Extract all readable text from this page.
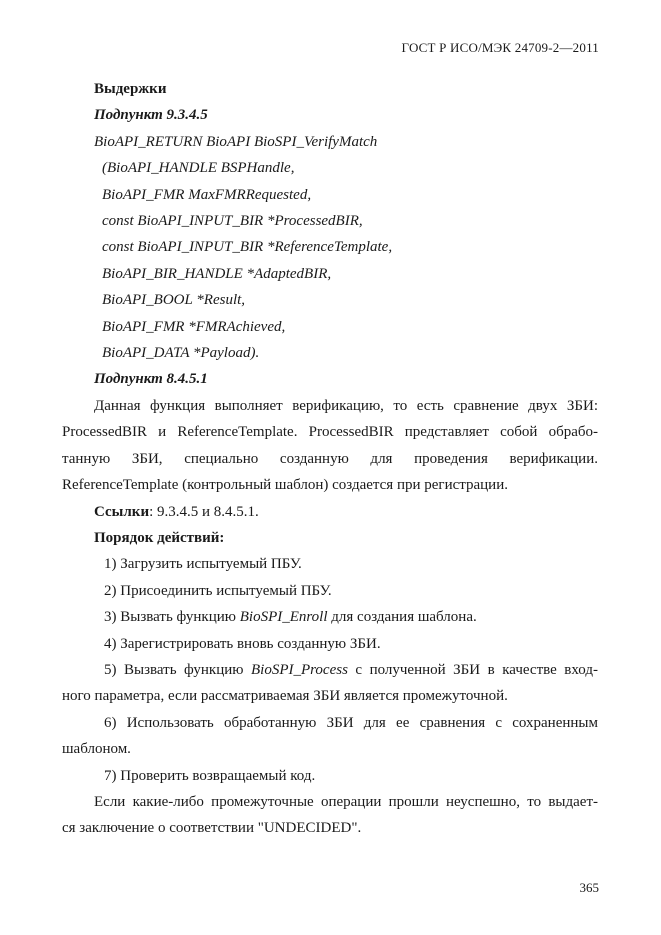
ГОСТ Р ИСО/МЭК 24709-2—2011

Выдержки

Подпункт 9.3.4.5

BioAPI_RETURN BioAPI BioSPI_VerifyMatch

(BioAPI_HANDLE BSPHandle,

BioAPI_FMR MaxFMRRequested,

const BioAPI_INPUT_BIR *ProcessedBIR,

const BioAPI_INPUT_BIR *ReferenceTemplate,

BioAPI_BIR_HANDLE *AdaptedBIR,

BioAPI_BOOL *Result,

BioAPI_FMR *FMRAchieved,

BioAPI_DATA *Payload).

Подпункт 8.4.5.1

Данная функция выполняет верификацию, то есть сравнение двух ЗБИ:
ProcessedBIR и ReferenceTemplate. ProcessedBIR представляет собой обрабо-
танную ЗБИ, специально созданную для проведения верификации.
ReferenceTemplate (контрольный шаблон) создается при регистрации.

Ссылки: 9.3.4.5 и 8.4.5.1.

Порядок действий:

1) Загрузить испытуемый ПБУ.

2) Присоединить испытуемый ПБУ.

3) Вызвать функцию BioSPI_Enroll для создания шаблона.

4) Зарегистрировать вновь созданную ЗБИ.

5) Вызвать функцию BioSPI_Process с полученной ЗБИ в качестве вход-
ного параметра, если рассматриваемая ЗБИ является промежуточной.
6) Использовать обработанную ЗБИ для ее сравнения с сохраненным
шаблоном.

7) Проверить возвращаемый код.

Если какие-либо промежуточные операции прошли неуспешно, то выдает-
ся заключение о соответствии "UNDECIDED".
365
